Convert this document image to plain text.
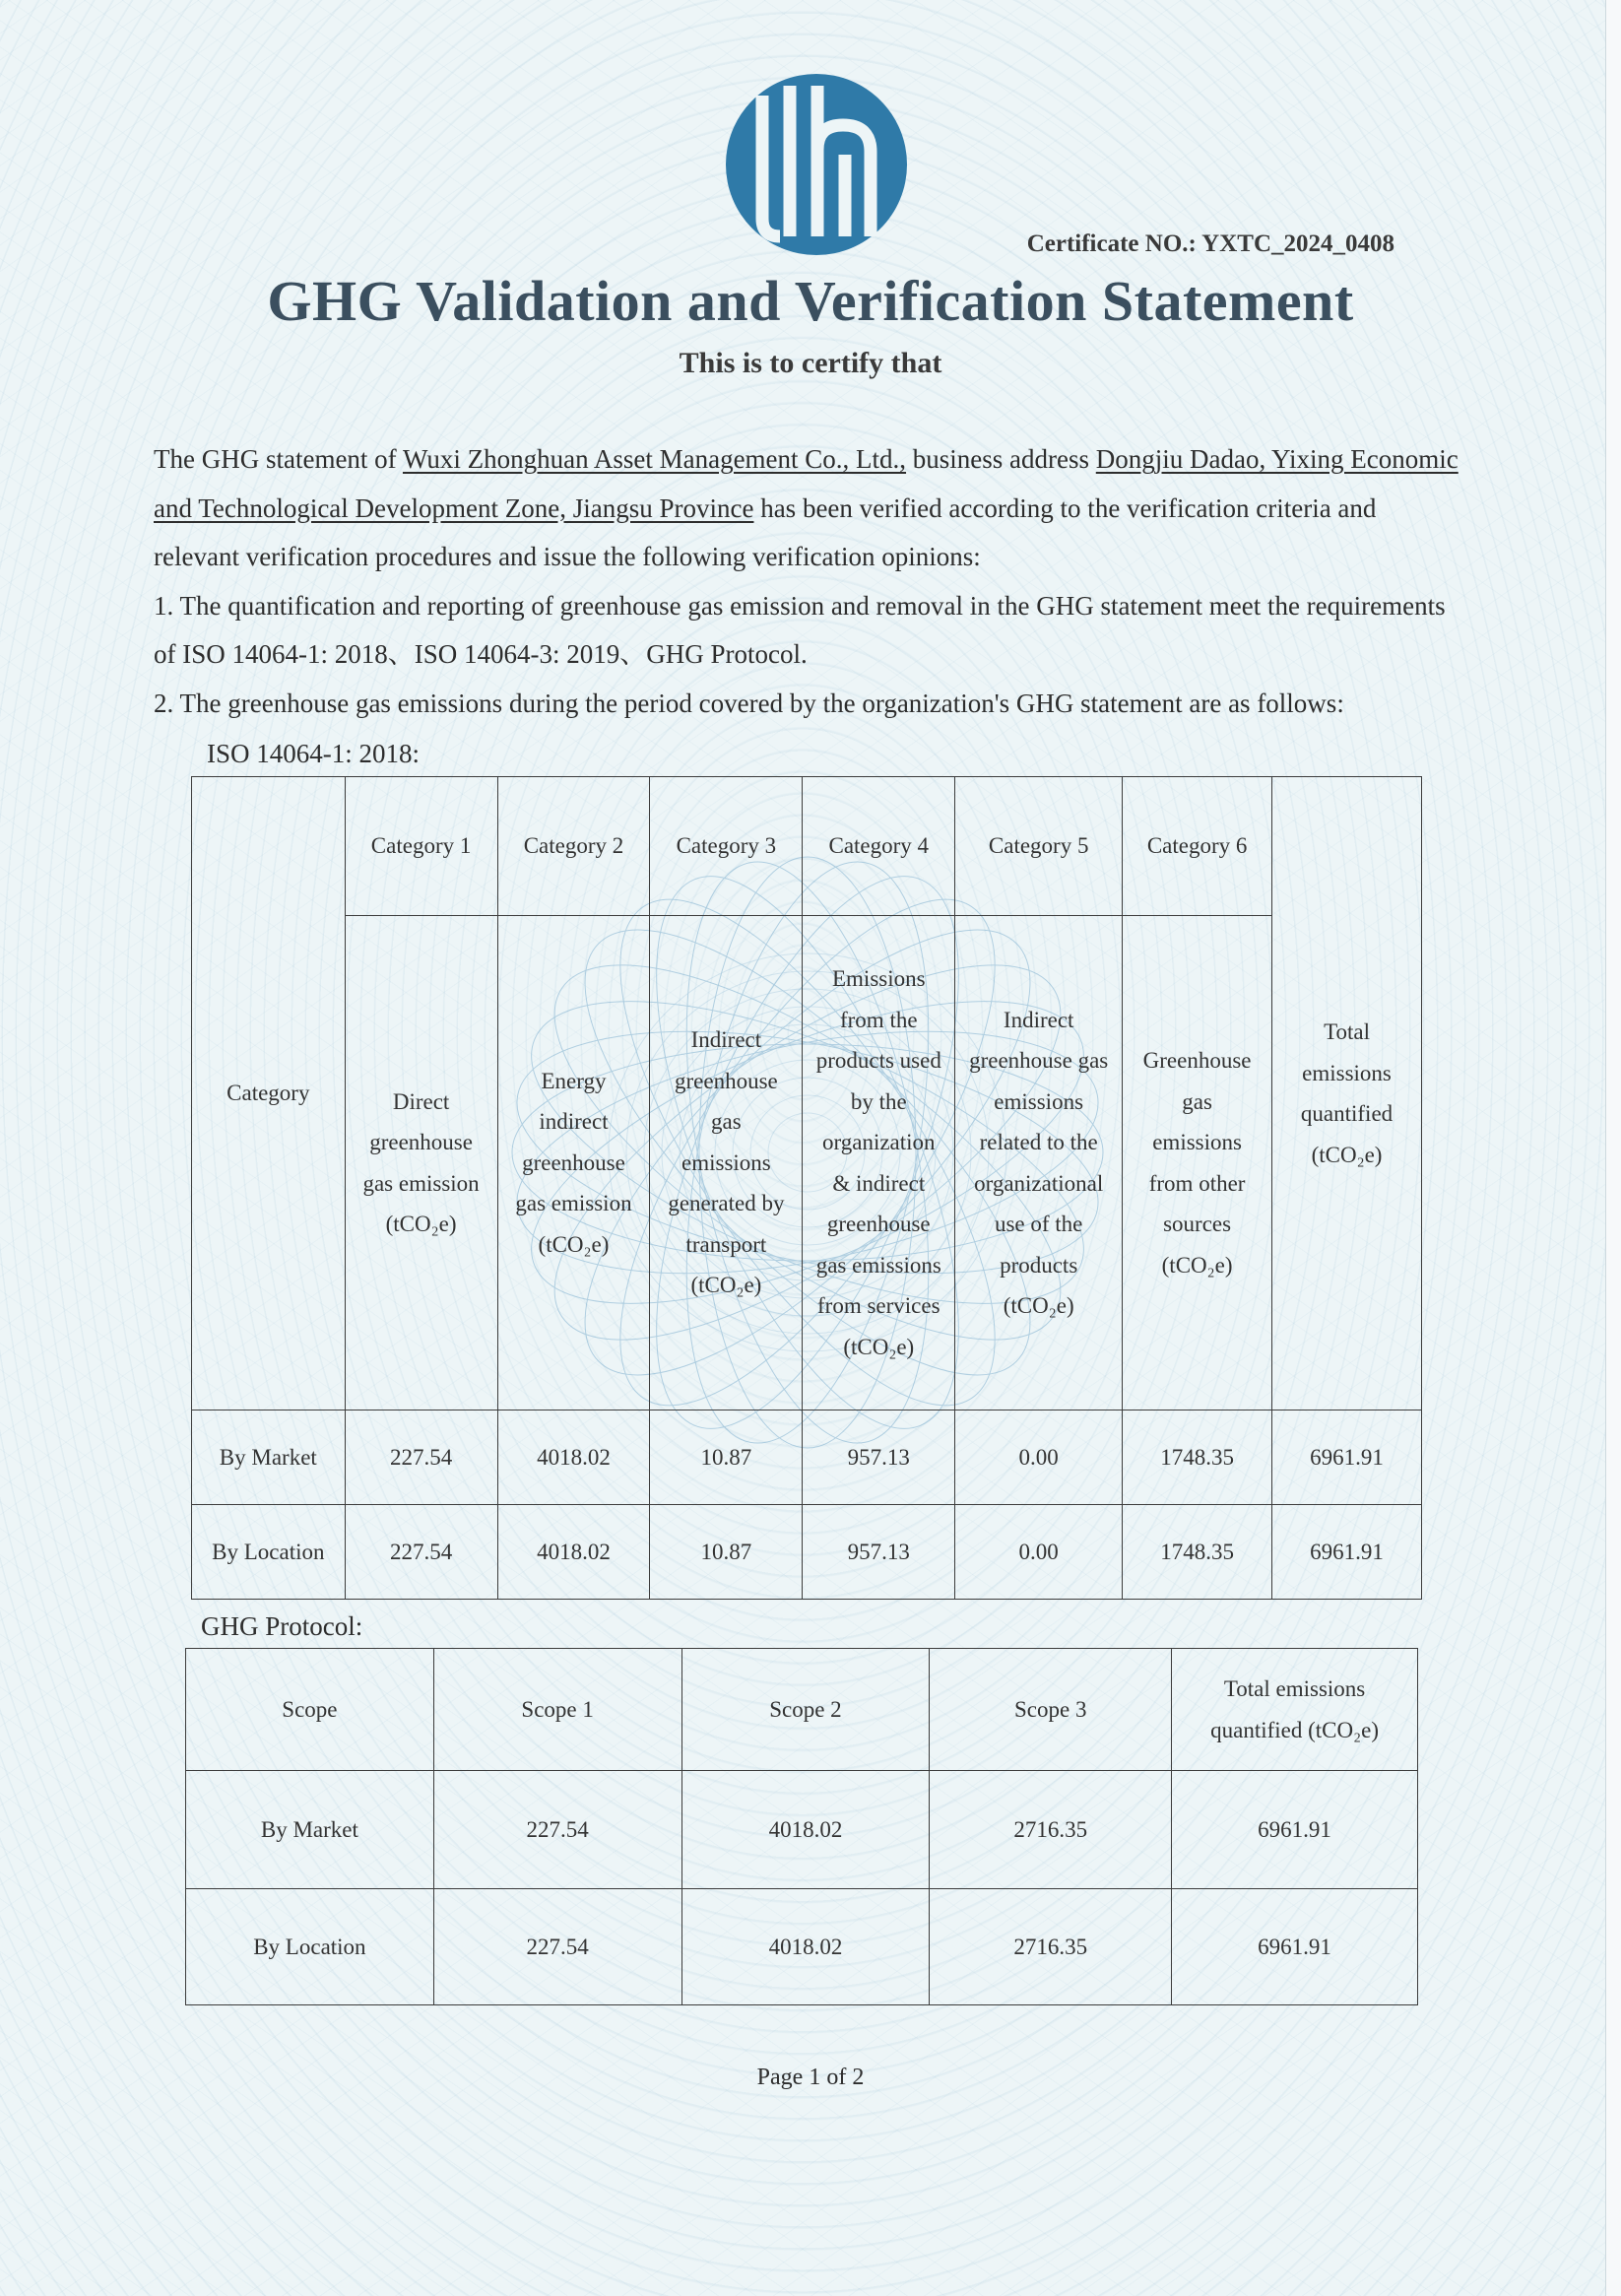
Certificate NO.: YXTC_2024_0408
GHG Validation and Verification Statement
This is to certify that

The GHG statement of Wuxi Zhonghuan Asset Management Co., Ltd., business address Dongjiu Dadao, Yixing Economic and Technological Development Zone, Jiangsu Province has been verified according to the verification criteria and relevant verification procedures and issue the following verification opinions:

1. The quantification and reporting of greenhouse gas emission and removal in the GHG statement meet the requirements of ISO 14064-1: 2018、ISO 14064-3: 2019、GHG Protocol.

2. The greenhouse gas emissions during the period covered by the organization's GHG statement are as follows:

ISO 14064-1: 2018:
Category	Category 1	Category 2	Category 3	Category 4	Category 5	Category 6	Total emissions quantified (tCO₂e)
	Direct greenhouse gas emission (tCO₂e)	Energy indirect greenhouse gas emission (tCO₂e)	Indirect greenhouse gas emissions generated by transport (tCO₂e)	Emissions from the products used by the organization & indirect greenhouse gas emissions from services (tCO₂e)	Indirect greenhouse gas emissions related to the organizational use of the products (tCO₂e)	Greenhouse gas emissions from other sources (tCO₂e)	
By Market	227.54	4018.02	10.87	957.13	0.00	1748.35	6961.91
By Location	227.54	4018.02	10.87	957.13	0.00	1748.35	6961.91
GHG Protocol:
Scope	Scope 1	Scope 2	Scope 3	Total emissions quantified (tCO₂e)
By Market	227.54	4018.02	2716.35	6961.91
By Location	227.54	4018.02	2716.35	6961.91
Page 1 of 2
